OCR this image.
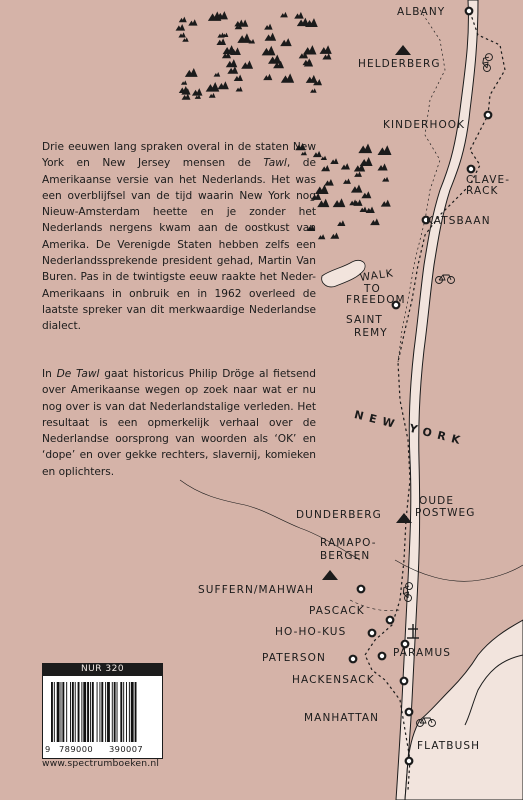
ALBANY
HELDERBERG
KINDERHOOK
CLAVE-
RACK
KATSBAAN
WALK
TO
FREEDOM
SAINT
REMY
NEW YORK
OUDE
POSTWEG
DUNDERBERG
RAMAPO-
BERGEN
SUFFERN/MAHWAH
PASCACK
HO-HO-KUS
PARAMUS
PATERSON
HACKENSACK
MANHATTAN
FLATBUSH

Drie eeuwen lang spraken overal in de staten New York en New Jersey mensen de Tawl, de Amerikaanse versie van het Nederlands. Het was een overblijfsel van de tijd waarin New York nog Nieuw-Amsterdam heette en je zonder het Nederlands nergens kwam aan de oostkust van Amerika. De Verenigde Staten hebben zelfs een Nederlandssprekende president gehad, Martin Van Buren. Pas in de twintigste eeuw raakte het Neder-Amerikaans in onbruik en in 1962 overleed de laatste spreker van dit merkwaardige Nederlandse dialect.

In De Tawl gaat historicus Philip Dröge al fietsend over Amerikaanse wegen op zoek naar wat er nu nog over is van dat Nederlandstalige verleden. Het resultaat is een opmerkelijk verhaal over de Nederlandse oorsprong van woorden als ‘OK’ en ‘dope’ en over gekke rechters, slavernij, komieken en oplichters.

NUR 320
9 789000 390007
www.spectrumboeken.nl
